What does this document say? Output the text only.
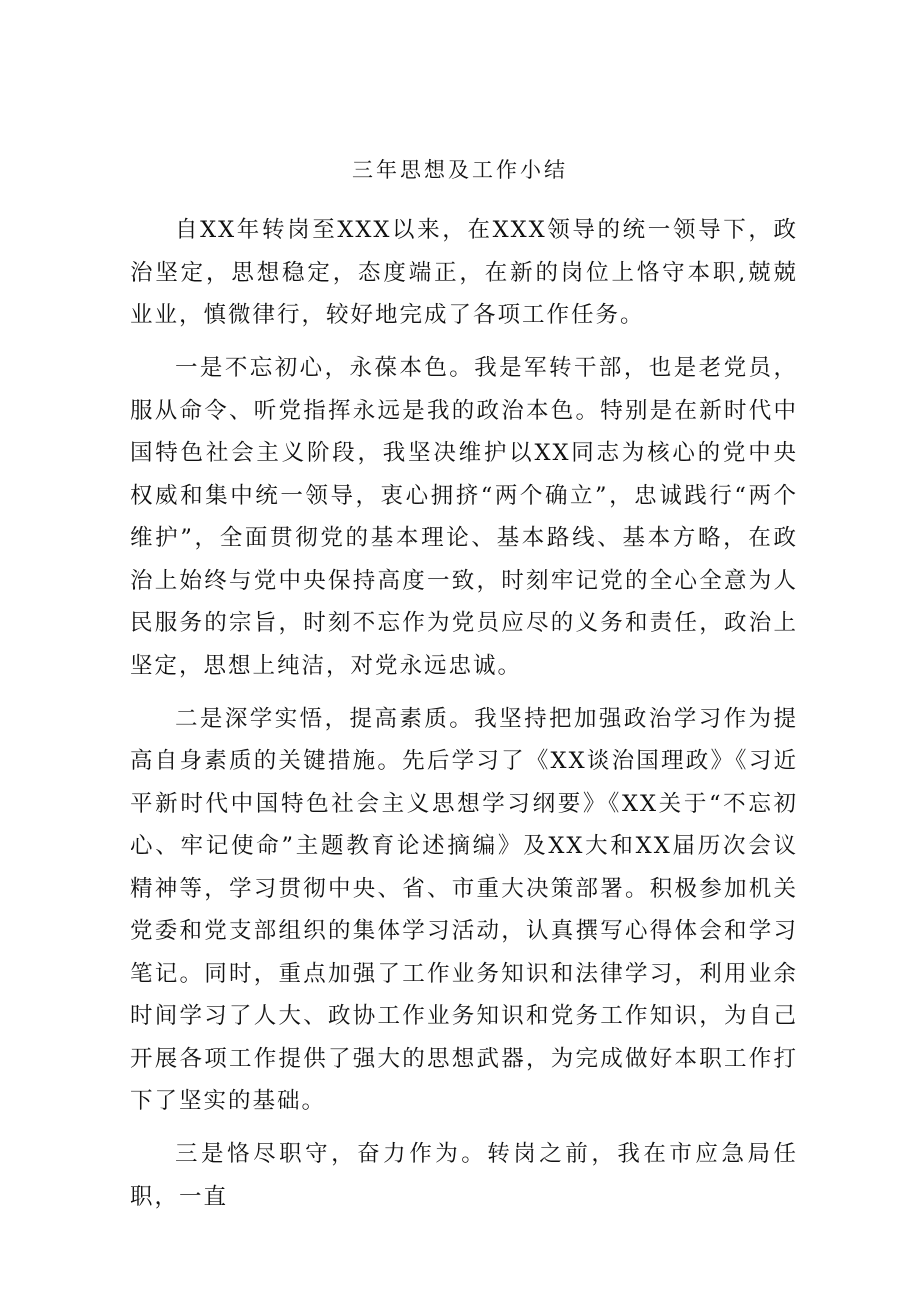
三年思想及工作小结

自XX年转岗至XXX以来，在XXX领导的统一领导下，政治坚定，思想稳定，态度端正，在新的岗位上恪守本职,兢兢业业，慎微律行，较好地完成了各项工作任务。

一是不忘初心，永葆本色。我是军转干部，也是老党员，服从命令、听党指挥永远是我的政治本色。特别是在新时代中国特色社会主义阶段，我坚决维护以XX同志为核心的党中央权威和集中统一领导，衷心拥挤“两个确立”，忠诚践行“两个维护”，全面贯彻党的基本理论、基本路线、基本方略，在政治上始终与党中央保持高度一致，时刻牢记党的全心全意为人民服务的宗旨，时刻不忘作为党员应尽的义务和责任，政治上坚定，思想上纯洁，对党永远忠诚。

二是深学实悟，提高素质。我坚持把加强政治学习作为提高自身素质的关键措施。先后学习了《XX谈治国理政》《习近平新时代中国特色社会主义思想学习纲要》《XX关于“不忘初心、牢记使命”主题教育论述摘编》及XX大和XX届历次会议精神等，学习贯彻中央、省、市重大决策部署。积极参加机关党委和党支部组织的集体学习活动，认真撰写心得体会和学习笔记。同时，重点加强了工作业务知识和法律学习，利用业余时间学习了人大、政协工作业务知识和党务工作知识，为自己开展各项工作提供了强大的思想武器，为完成做好本职工作打下了坚实的基础。

三是恪尽职守，奋力作为。转岗之前，我在市应急局任职，一直
